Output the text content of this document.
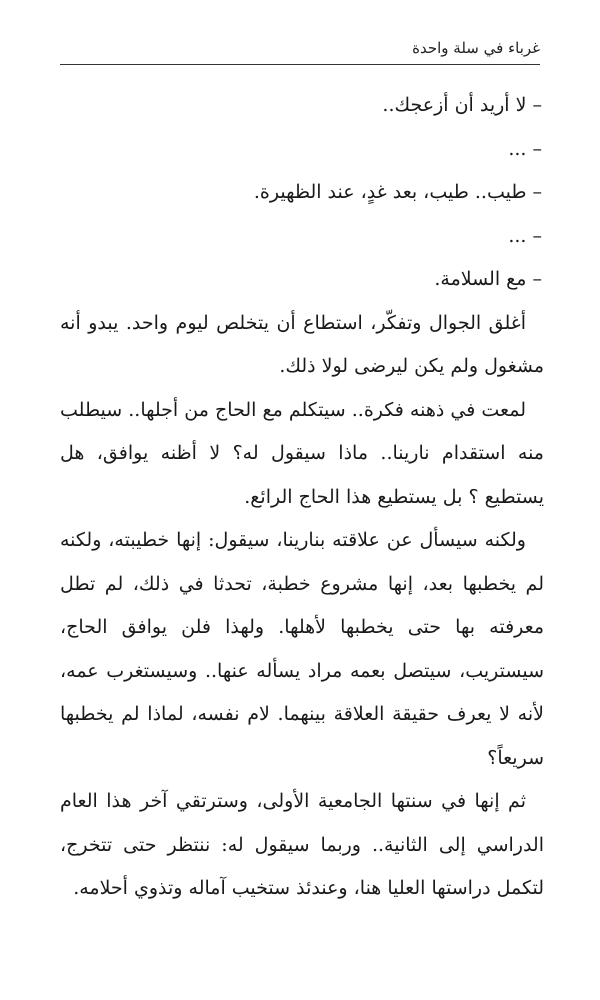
غرباء في سلة واحدة

– لا أريد أن أزعجك..

– ...

– طيب.. طيب، بعد غدٍ، عند الظهيرة.

– ...

– مع السلامة.

أغلق الجوال وتفكّر، استطاع أن يتخلص ليوم واحد. يبدو أنه مشغول ولم يكن ليرضى لولا ذلك.

لمعت في ذهنه فكرة.. سيتكلم مع الحاج من أجلها.. سيطلب منه استقدام نارينا.. ماذا سيقول له؟ لا أظنه يوافق، هل يستطيع ؟ بل يستطيع هذا الحاج الرائع.

ولكنه سيسأل عن علاقته بنارينا، سيقول: إنها خطيبته، ولكنه لم يخطبها بعد، إنها مشروع خطبة، تحدثا في ذلك، لم تطل معرفته بها حتى يخطبها لأهلها. ولهذا فلن يوافق الحاج، سيستريب، سيتصل بعمه مراد يسأله عنها.. وسيستغرب عمه، لأنه لا يعرف حقيقة العلاقة بينهما. لام نفسه، لماذا لم يخطبها سريعاً؟

ثم إنها في سنتها الجامعية الأولى، وسترتقي آخر هذا العام الدراسي إلى الثانية.. وربما سيقول له: ننتظر حتى تتخرج، لتكمل دراستها العليا هنا، وعندئذ ستخيب آماله وتذوي أحلامه.
